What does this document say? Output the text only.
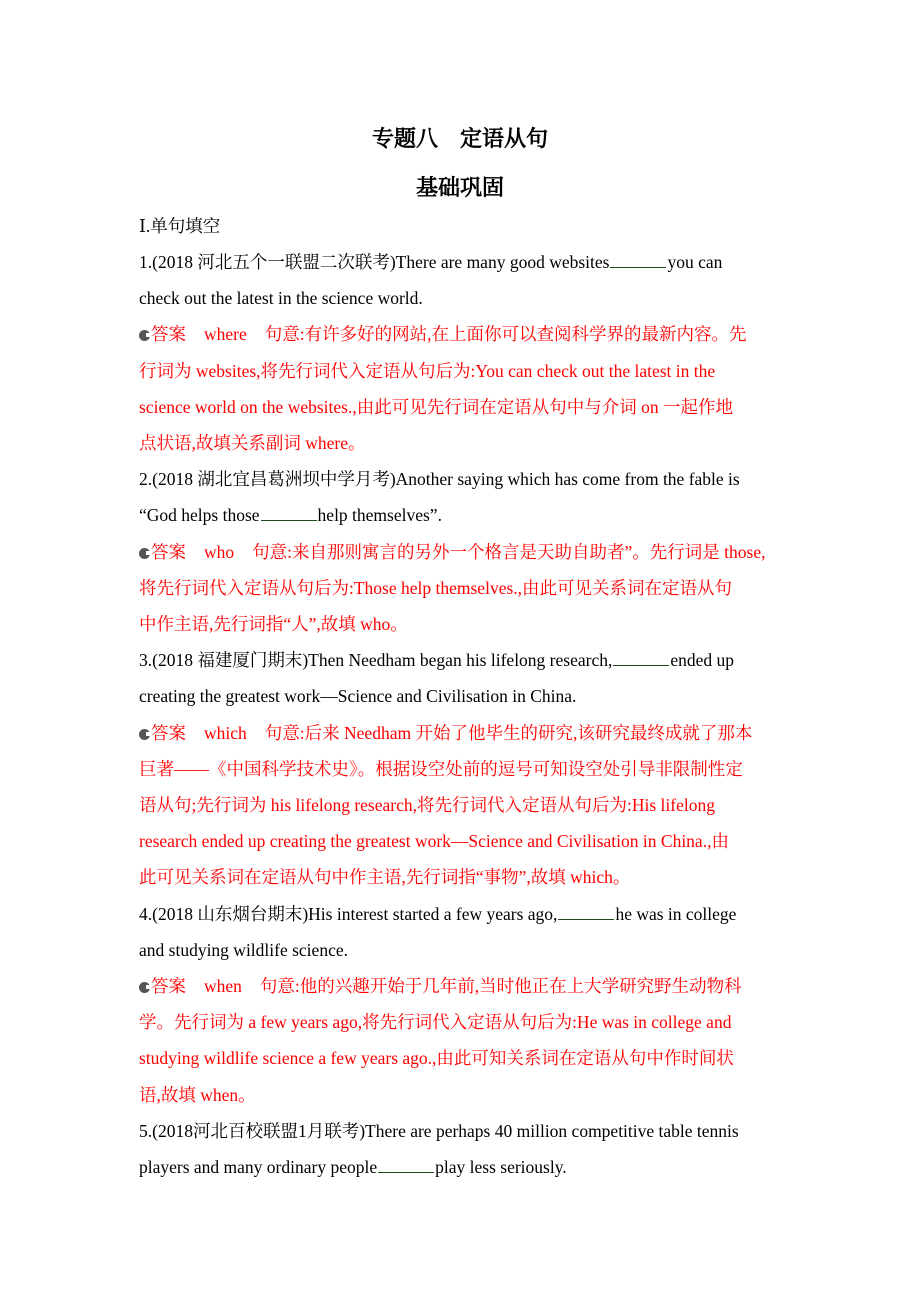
专题八　定语从句
基础巩固
Ⅰ.单句填空
1.(2018 河北五个一联盟二次联考)There are many good websites	you can
check out the latest in the science world.
答案 where 句意:有许多好的网站,在上面你可以查阅科学界的最新内容。先
行词为 websites,将先行词代入定语从句后为:You can check out the latest in the
science world on the websites.,由此可见先行词在定语从句中与介词 on 一起作地
点状语,故填关系副词 where。
2.(2018 湖北宜昌葛洲坝中学月考)Another saying which has come from the fable is
“God helps those	help themselves”.
答案 who 句意:来自那则寓言的另外一个格言是天助自助者”。先行词是 those,
将先行词代入定语从句后为:Those help themselves.,由此可见关系词在定语从句
中作主语,先行词指“人”,故填 who。
3.(2018 福建厦门期末)Then Needham began his lifelong research,	ended up
creating the greatest work—Science and Civilisation in China.
答案 which 句意:后来 Needham 开始了他毕生的研究,该研究最终成就了那本
巨著——《中国科学技术史》。根据设空处前的逗号可知设空处引导非限制性定
语从句;先行词为 his lifelong research,将先行词代入定语从句后为:His lifelong
research ended up creating the greatest work—Science and Civilisation in China.,由
此可见关系词在定语从句中作主语,先行词指“事物”,故填 which。
4.(2018 山东烟台期末)His interest started a few years ago,	he was in college
and studying wildlife science.
答案 when 句意:他的兴趣开始于几年前,当时他正在上大学研究野生动物科
学。先行词为 a few years ago,将先行词代入定语从句后为:He was in college and
studying wildlife science a few years ago.,由此可知关系词在定语从句中作时间状
语,故填 when。
5.(2018河北百校联盟1月联考)There are perhaps 40 million competitive table tennis
players and many ordinary people	play less seriously.
